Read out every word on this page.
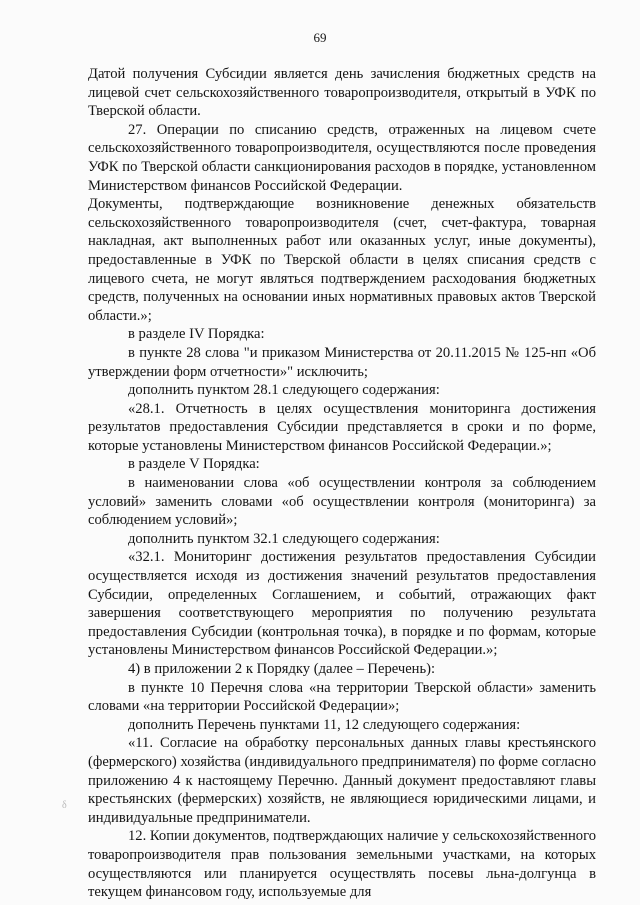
69

Датой получения Субсидии является день зачисления бюджетных средств на лицевой счет сельскохозяйственного товаропроизводителя, открытый в УФК по Тверской области.

27. Операции по списанию средств, отраженных на лицевом счете сельскохозяйственного товаропроизводителя, осуществляются после проведения УФК по Тверской области санкционирования расходов в порядке, установленном Министерством финансов Российской Федерации.

Документы, подтверждающие возникновение денежных обязательств сельскохозяйственного товаропроизводителя (счет, счет-фактура, товарная накладная, акт выполненных работ или оказанных услуг, иные документы), предоставленные в УФК по Тверской области в целях списания средств с лицевого счета, не могут являться подтверждением расходования бюджетных средств, полученных на основании иных нормативных правовых актов Тверской области.»;

в разделе IV Порядка:

в пункте 28 слова "и приказом Министерства от 20.11.2015 № 125-нп «Об утверждении форм отчетности»" исключить;

дополнить пунктом 28.1 следующего содержания:

«28.1. Отчетность в целях осуществления мониторинга достижения результатов предоставления Субсидии представляется в сроки и по форме, которые установлены Министерством финансов Российской Федерации.»;

в разделе V Порядка:

в наименовании слова «об осуществлении контроля за соблюдением условий» заменить словами «об осуществлении контроля (мониторинга) за соблюдением условий»;

дополнить пунктом 32.1 следующего содержания:

«32.1. Мониторинг достижения результатов предоставления Субсидии осуществляется исходя из достижения значений результатов предоставления Субсидии, определенных Соглашением, и событий, отражающих факт завершения соответствующего мероприятия по получению результата предоставления Субсидии (контрольная точка), в порядке и по формам, которые установлены Министерством финансов Российской Федерации.»;

4) в приложении 2 к Порядку (далее – Перечень):

в пункте 10 Перечня слова «на территории Тверской области» заменить словами «на территории Российской Федерации»;

дополнить Перечень пунктами 11, 12 следующего содержания:

«11. Согласие на обработку персональных данных главы крестьянского (фермерского) хозяйства (индивидуального предпринимателя) по форме согласно приложению 4 к настоящему Перечню. Данный документ предоставляют главы крестьянских (фермерских) хозяйств, не являющиеся юридическими лицами, и индивидуальные предприниматели.

12. Копии документов, подтверждающих наличие у сельскохозяйственного товаропроизводителя прав пользования земельными участками, на которых осуществляются или планируется осуществлять посевы льна-долгунца в текущем финансовом году, используемые для

δ
